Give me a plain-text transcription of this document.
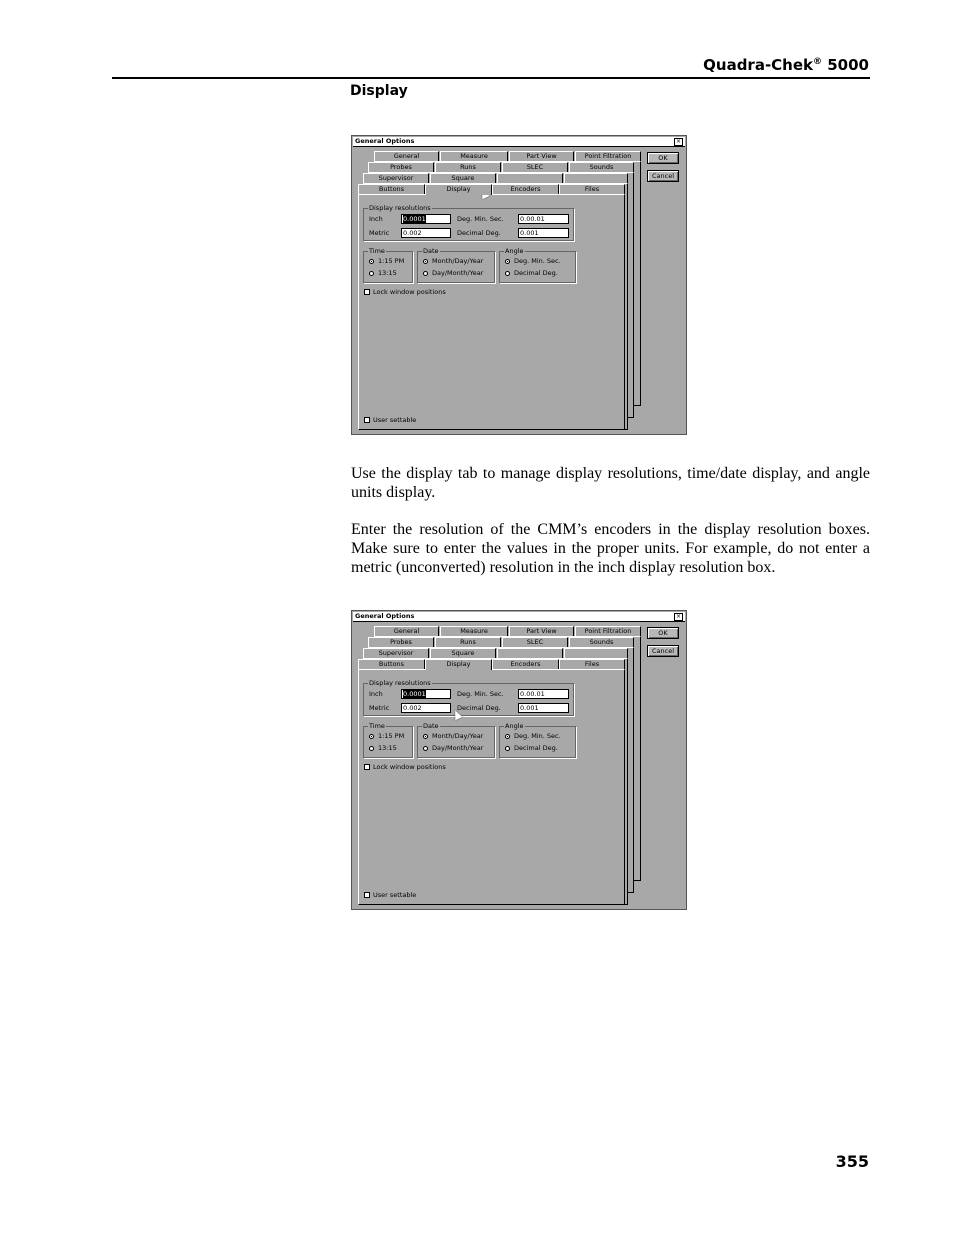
Quadra-Chek® 5000
Display

Use the display tab to manage display resolutions, time/date display, and angle units display.

Enter the resolution of the CMM’s encoders in the display resolution boxes. Make sure to enter the values in the proper units. For example, do not enter a metric (unconverted) resolution in the inch display resolution box.

355
General Options	×
General	Measure	Part View	Point Filtration
Probes	Runs	SLEC	Sounds
Supervisor	Square
Buttons	Display	Encoders	Files
Display resolutions
Inch	0.0001	Deg. Min. Sec.	0.00.01
Metric	0.002	Decimal Deg.	0.001
Time
1:15 PM
13:15
Date
Month/Day/Year
Day/Month/Year
Angle
Deg. Min. Sec.
Decimal Deg.
Lock window positions
User settable
OK
Cancel
General Options	×
General	Measure	Part View	Point Filtration
Probes	Runs	SLEC	Sounds
Supervisor	Square
Buttons	Display	Encoders	Files
Display resolutions
Inch	0.0001	Deg. Min. Sec.	0.00.01
Metric	0.002	Decimal Deg.	0.001
Time
1:15 PM
13:15
Date
Month/Day/Year
Day/Month/Year
Angle
Deg. Min. Sec.
Decimal Deg.
Lock window positions
User settable
OK
Cancel
